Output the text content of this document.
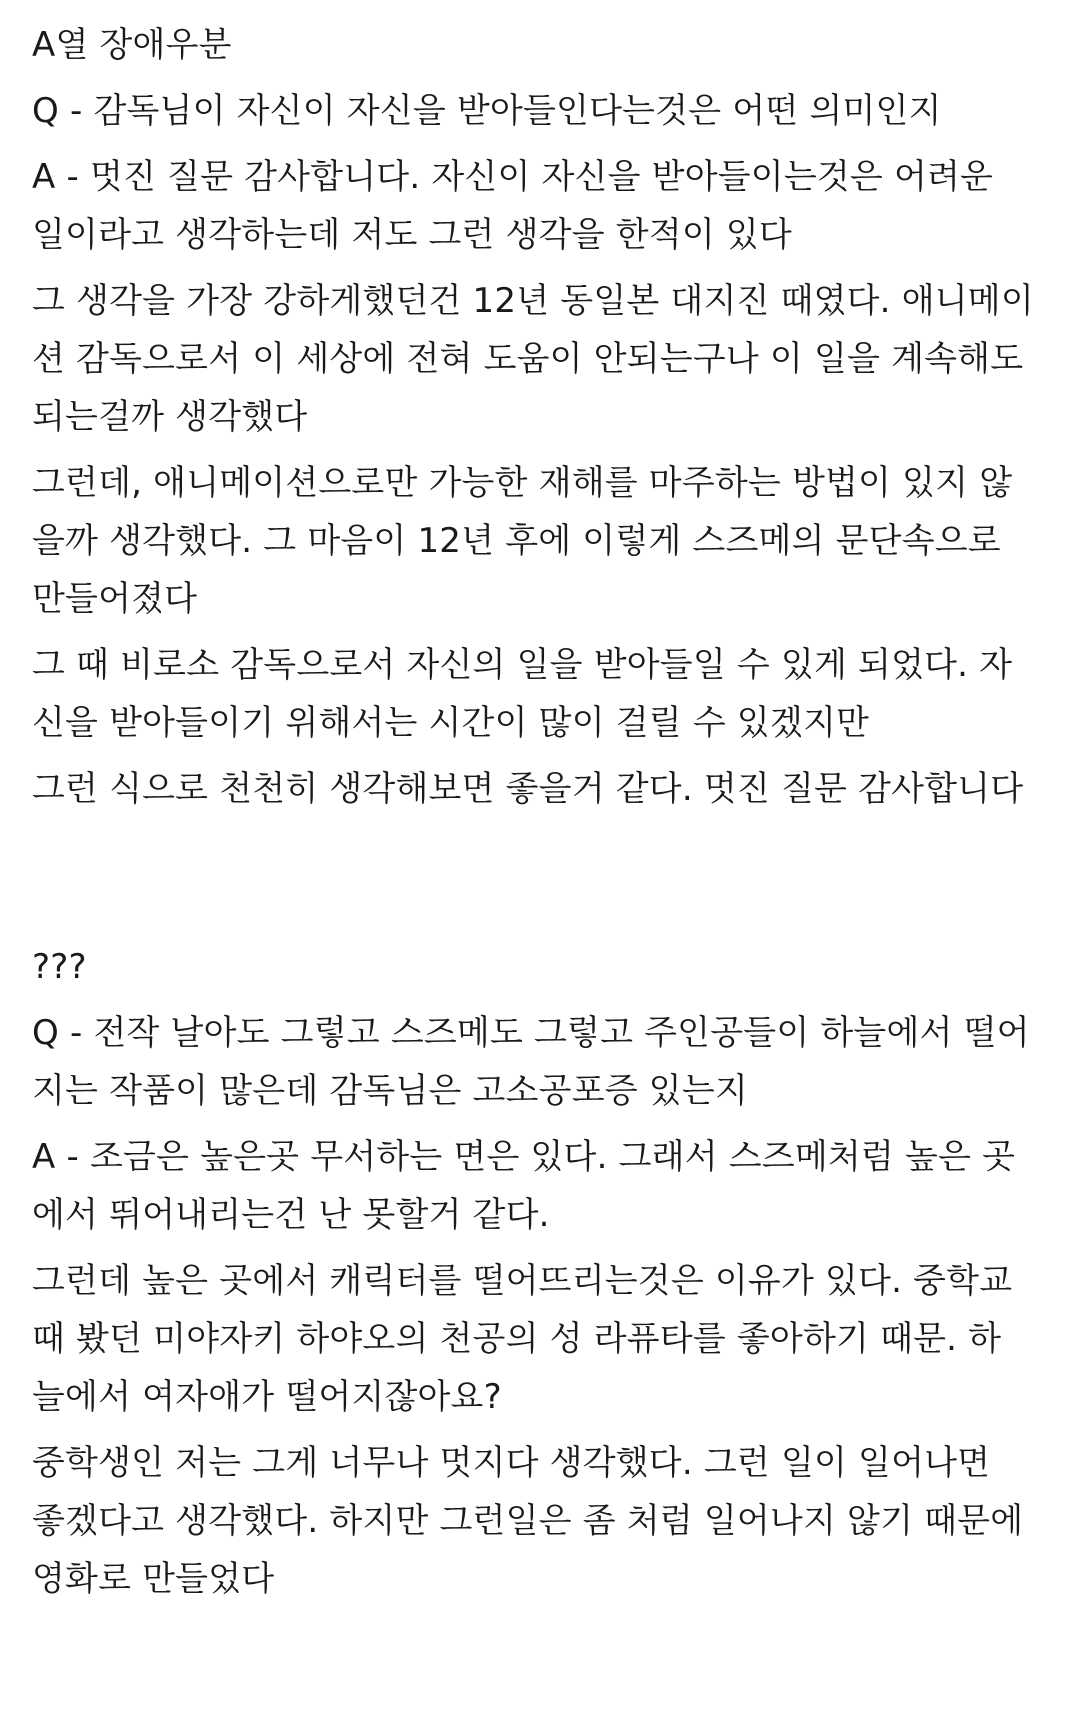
A열 장애우분

Q - 감독님이 자신이 자신을 받아들인다는것은 어떤 의미인지

A - 멋진 질문 감사합니다. 자신이 자신을 받아들이는것은 어려운
일이라고 생각하는데 저도 그런 생각을 한적이 있다

그 생각을 가장 강하게했던건 12년 동일본 대지진 때였다. 애니메이
션 감독으로서 이 세상에 전혀 도움이 안되는구나 이 일을 계속해도
되는걸까 생각했다

그런데, 애니메이션으로만 가능한 재해를 마주하는 방법이 있지 않
을까 생각했다. 그 마음이 12년 후에 이렇게 스즈메의 문단속으로
만들어졌다

그 때 비로소 감독으로서 자신의 일을 받아들일 수 있게 되었다. 자
신을 받아들이기 위해서는 시간이 많이 걸릴 수 있겠지만

그런 식으로 천천히 생각해보면 좋을거 같다. 멋진 질문 감사합니다

???

Q - 전작 날아도 그렇고 스즈메도 그렇고 주인공들이 하늘에서 떨어
지는 작품이 많은데 감독님은 고소공포증 있는지

A - 조금은 높은곳 무서하는 면은 있다. 그래서 스즈메처럼 높은 곳
에서 뛰어내리는건 난 못할거 같다.

그런데 높은 곳에서 캐릭터를 떨어뜨리는것은 이유가 있다. 중학교
때 봤던 미야자키 하야오의 천공의 성 라퓨타를 좋아하기 때문. 하
늘에서 여자애가 떨어지잖아요?

중학생인 저는 그게 너무나 멋지다 생각했다. 그런 일이 일어나면
좋겠다고 생각했다. 하지만 그런일은 좀 처럼 일어나지 않기 때문에
영화로 만들었다
